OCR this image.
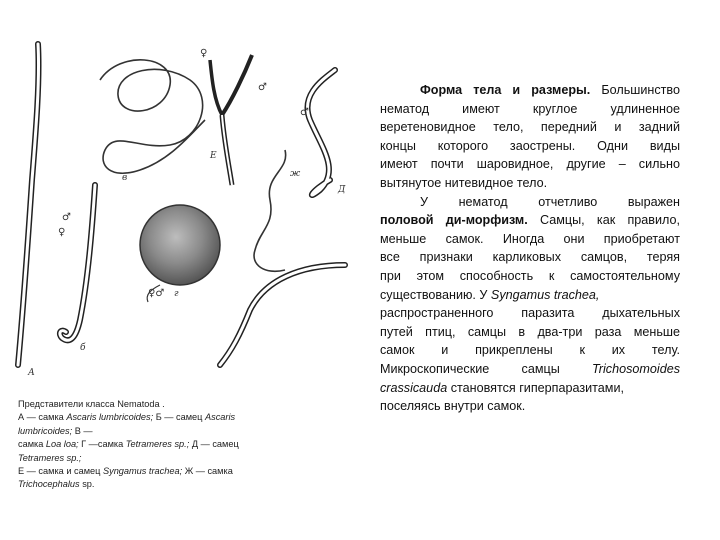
А
б
♂
♀
в
♀
♂
Е
♂
Д
ж
♀♂ г
Представители класса Nematoda .
А — самка Ascaris lumbricoides; Б — самец Ascaris
lumbricoides; В —
самка Loa loa; Г —самка Tetrameres sp.; Д — самец
Tetrameres sp.;
Е — самка и самец Syngamus trachea; Ж — самка
Trichocephalus sp.
Форма тела и размеры. Большинство
нематод имеют круглое удлиненное
веретеновидное тело, передний и задний
концы которого заострены. Одни виды
имеют почти шаровидное, другие – сильно
вытянутое нитевидное тело.
У нематод отчетливо выражен
половой ди-морфизм. Самцы, как правило,
меньше самок. Иногда они приобретают
все признаки карликовых самцов, теряя
при этом способность к самостоятельному
существованию. У Syngamus trachea,
распространенного паразита дыхательных
путей птиц, самцы в два-три раза меньше
самок и прикреплены к их телу.
Микроскопические самцы Trichosomoides
crassicauda становятся гиперпаразитами,
поселяясь внутри самок.
